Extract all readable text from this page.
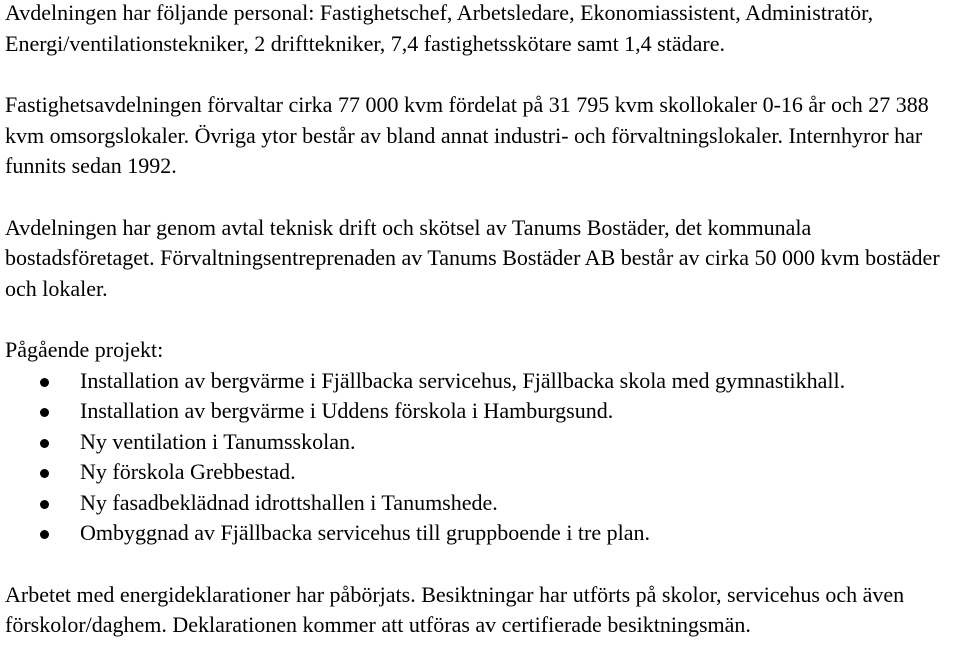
Avdelningen har följande personal: Fastighetschef, Arbetsledare, Ekonomiassistent, Administratör, Energi/ventilationstekniker, 2 drifttekniker, 7,4 fastighetsskötare samt 1,4 städare.

Fastighetsavdelningen förvaltar cirka 77 000 kvm fördelat på 31 795 kvm skollokaler 0-16 år och 27 388 kvm omsorgslokaler. Övriga ytor består av bland annat industri- och förvaltningslokaler. Internhyror har funnits sedan 1992.

Avdelningen har genom avtal teknisk drift och skötsel av Tanums Bostäder, det kommunala bostadsföretaget. Förvaltningsentreprenaden av Tanums Bostäder AB består av cirka 50 000 kvm bostäder och lokaler.

Pågående projekt:

Installation av bergvärme i Fjällbacka servicehus, Fjällbacka skola med gymnastikhall.
Installation av bergvärme i Uddens förskola i Hamburgsund.
Ny ventilation i Tanumsskolan.
Ny förskola Grebbestad.
Ny fasadbeklädnad idrottshallen i Tanumshede.
Ombyggnad av Fjällbacka servicehus till gruppboende i tre plan.

Arbetet med energideklarationer har påbörjats. Besiktningar har utförts på skolor, servicehus och även förskolor/daghem. Deklarationen kommer att utföras av certifierade besiktningsmän.
